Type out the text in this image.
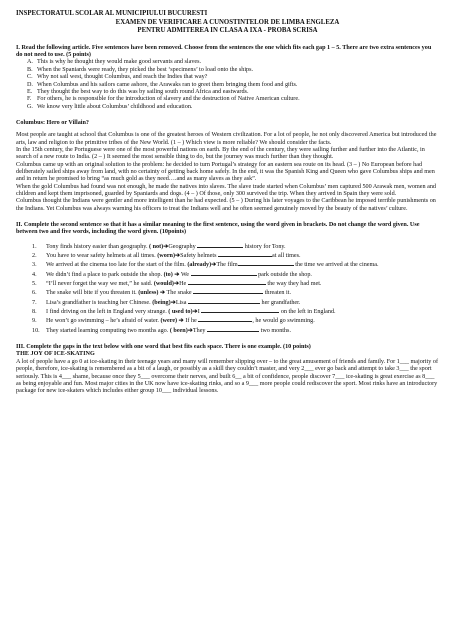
INSPECTORATUL SCOLAR AL MUNICIPIULUI BUCURESTI
EXAMEN DE VERIFICARE A CUNOSTINTELOR DE LIMBA ENGLEZA
PENTRU ADMITEREA IN CLASA A IXA - PROBA SCRISA
I. Read the following article. Five sentences have been removed. Choose from the sentences the one which fits each gap 1 – 5. There are two extra sentences you do not need to use. (5 points)
A. This is why he thought they would make good servants and slaves.
B. When the Spaniards were ready, they picked the best ‘specimens’ to load onto the ships.
C. Why not sail west, thought Columbus, and reach the Indies that way?
D. When Columbus and his sailors came ashore, the Arawaks ran to greet them bringing them food and gifts.
E. They thought the best way to do this was by sailing south round Africa and eastwards.
F. For others, he is responsible for the introduction of slavery and the destruction of Native American culture.
G. We know very little about Columbus’ childhood and education.
Columbus: Hero or Villain?
Most people are taught at school that Columbus is one of the greatest heroes of Western civilization. For a lot of people, he not only discovered America but introduced the arts, law and religion to the primitive tribes of the New World. (1 – ) Which view is more reliable? We should consider the facts.
In the 15th century, the Portuguese were one of the most powerful nations on earth. By the end of the century, they were sailing further and further into the Atlantic, in search of a new route to India. (2 – ) It seemed the most sensible thing to do, but the journey was much further than they thought.
Columbus came up with an original solution to the problem: he decided to turn Portugal’s strategy for an eastern sea route on its head. (3 – ) No European before had deliberately sailed ships away from land, with no certainty of getting back home safely. In the end, it was the Spanish King and Queen who gave Columbus ships and men and in return he promised to bring “as much gold as they need….and as many slaves as they ask”.
When the gold Columbus had found was not enough, he made the natives into slaves. The slave trade started when Columbus’ men captured 500 Arawak men, women and children and kept them imprisoned, guarded by Spaniards and dogs. (4 – ) Of those, only 300 survived the trip. When they arrived in Spain they were sold.
Columbus thought the Indians were gentler and more intelligent than he had expected. (5 – ) During his later voyages to the Caribbean he imposed terrible punishments on the Indians. Yet Columbus was always warning his officers to treat the Indians well and he often seemed genuinely moved by the beauty of the natives’ culture.
II. Complete the second sentence so that it has a similar meaning to the first sentence, using the word given in brackets. Do not change the word given. Use between two and five words, including the word given. (10points)
1. Tony finds history easier than geography. ( not)➔Geography	history for Tony.
2. You have to wear safety helmets at all times. (worn)➔Safety helmets	at all times.
3. We arrived at the cinema too late for the start of the film. (already)➔The film	the time we arrived at the cinema.
4. We didn’t find a place to park outside the shop. (to) ➔ We	park outside the shop.
5. “I’ll never forget the way we met,” he said. (would)➔He	the way they had met.
6. The snake will bite if you threaten it. (unless) ➔ The snake	threaten it.
7. Lisa’s grandfather is teaching her Chinese. (being)➔Lisa	her grandfather.
8. I find driving on the left in England very strange. ( used to)➔I	on the left in England.
9. He won’t go swimming – he’s afraid of water. (were) ➔ If he	, he would go swimming.
10. They started learning computing two months ago. ( been)➔They	two months.
III. Complete the gaps in the text below with one word that best fits each space. There is one example. (10 points)
THE JOY OF ICE-SKATING
A lot of people have a go 0 at ice-skating in their teenage years and many will remember slipping over – to the great amusement of friends and family. For 1___ majority of people, therefore, ice-skating is remembered as a bit of a laugh, or possibly as a skill they couldn’t master, and very 2___ ever go back and attempt to take 3___ the sport seriously. This is 4___ shame, because once they 5___ overcome their nerves, and built 6__ a bit of confidence, people discover 7___ ice-skating is great exercise as 8___ as being enjoyable and fun. Most major cities in the UK now have ice-skating rinks, and so a 9___ more people could rediscover the sport. Most rinks have an introductory package for new ice-skaters which includes either group 10___ individual lessons.
